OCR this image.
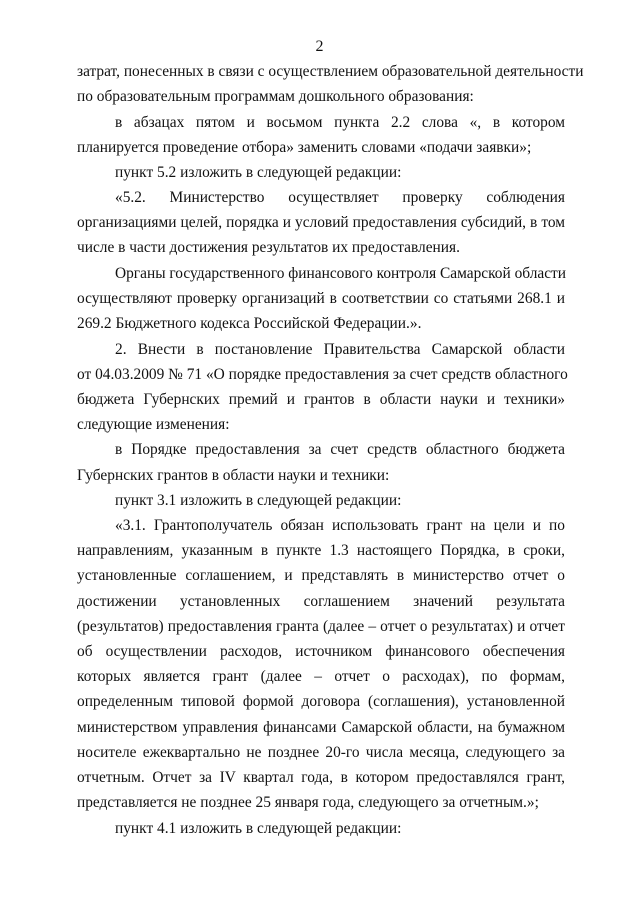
2
затрат, понесенных в связи с осуществлением образовательной деятельности
по образовательным программам дошкольного образования:
в абзацах пятом и восьмом пункта 2.2 слова «, в котором
планируется проведение отбора» заменить словами «подачи заявки»;
пункт 5.2 изложить в следующей редакции:
«5.2. Министерство осуществляет проверку соблюдения
организациями целей, порядка и условий предоставления субсидий, в том
числе в части достижения результатов их предоставления.
Органы государственного финансового контроля Самарской области
осуществляют проверку организаций в соответствии со статьями 268.1 и
269.2 Бюджетного кодекса Российской Федерации.».
2. Внести в постановление Правительства Самарской области
от 04.03.2009 № 71 «О порядке предоставления за счет средств областного
бюджета Губернских премий и грантов в области науки и техники»
следующие изменения:
в Порядке предоставления за счет средств областного бюджета
Губернских грантов в области науки и техники:
пункт 3.1 изложить в следующей редакции:
«3.1. Грантополучатель обязан использовать грант на цели и по
направлениям, указанным в пункте 1.3 настоящего Порядка, в сроки,
установленные соглашением, и представлять в министерство отчет о
достижении установленных соглашением значений результата
(результатов) предоставления гранта (далее – отчет о результатах) и отчет
об осуществлении расходов, источником финансового обеспечения
которых является грант (далее – отчет о расходах), по формам,
определенным типовой формой договора (соглашения), установленной
министерством управления финансами Самарской области, на бумажном
носителе ежеквартально не позднее 20-го числа месяца, следующего за
отчетным. Отчет за IV квартал года, в котором предоставлялся грант,
представляется не позднее 25 января года, следующего за отчетным.»;
пункт 4.1 изложить в следующей редакции:
